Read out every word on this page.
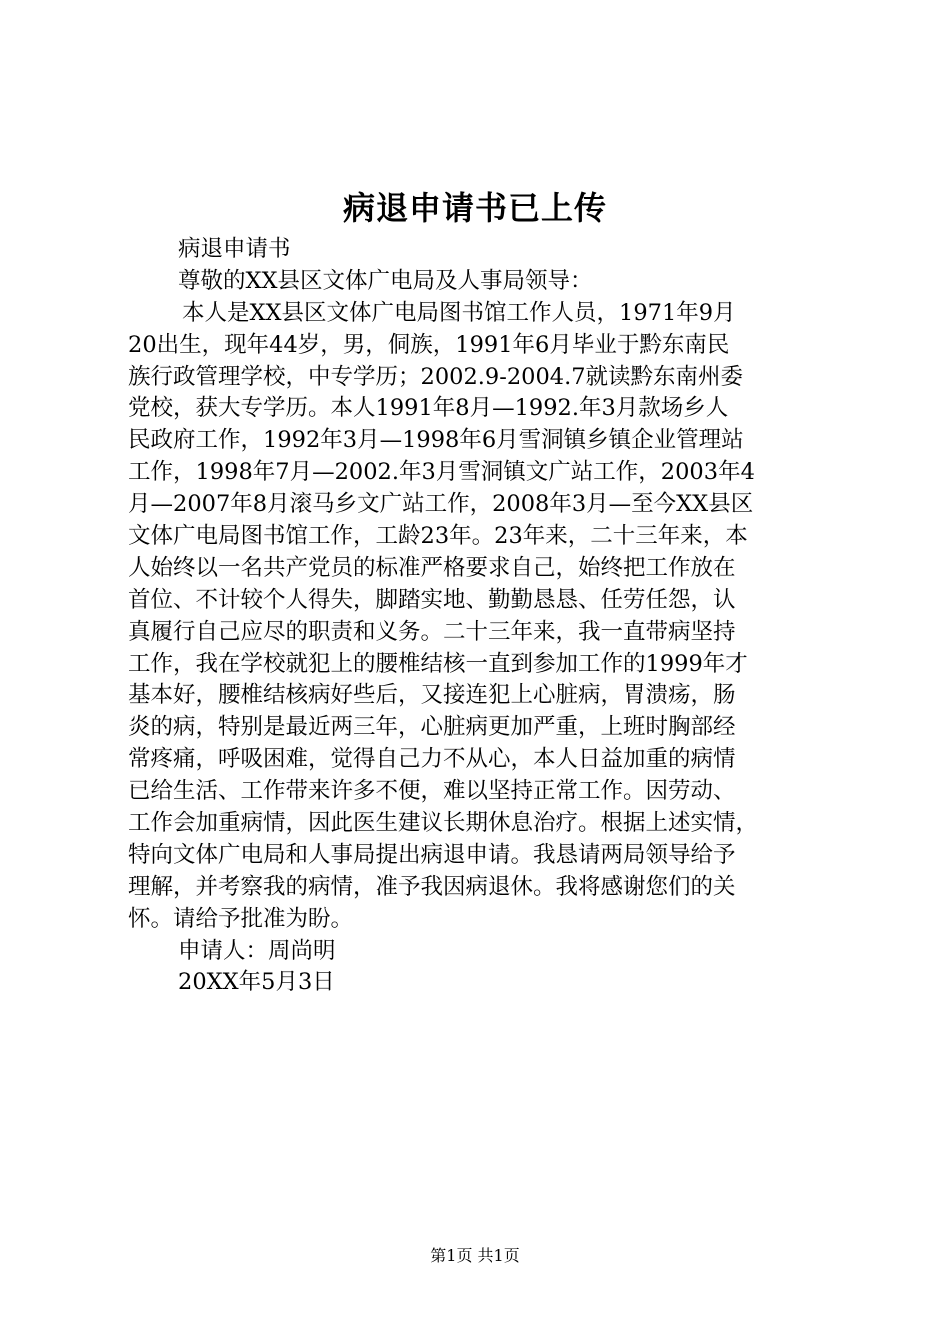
病退申请书已上传
病退申请书
尊敬的XX县区文体广电局及人事局领导：
本人是XX县区文体广电局图书馆工作人员，1971年9月
20出生，现年44岁，男，侗族，1991年6月毕业于黔东南民
族行政管理学校，中专学历；2002.9-2004.7就读黔东南州委
党校，获大专学历。本人1991年8月—1992.年3月款场乡人
民政府工作，1992年3月—1998年6月雪洞镇乡镇企业管理站
工作，1998年7月—2002.年3月雪洞镇文广站工作，2003年4
月—2007年8月滚马乡文广站工作，2008年3月—至今XX县区
文体广电局图书馆工作，工龄23年。23年来，二十三年来，本
人始终以一名共产党员的标准严格要求自己，始终把工作放在
首位、不计较个人得失，脚踏实地、勤勤恳恳、任劳任怨，认
真履行自己应尽的职责和义务。二十三年来，我一直带病坚持
工作，我在学校就犯上的腰椎结核一直到参加工作的1999年才
基本好，腰椎结核病好些后，又接连犯上心脏病，胃溃疡，肠
炎的病，特别是最近两三年，心脏病更加严重，上班时胸部经
常疼痛，呼吸困难，觉得自己力不从心，本人日益加重的病情
已给生活、工作带来许多不便，难以坚持正常工作。因劳动、
工作会加重病情，因此医生建议长期休息治疗。根据上述实情，
特向文体广电局和人事局提出病退申请。我恳请两局领导给予
理解，并考察我的病情，准予我因病退休。我将感谢您们的关
怀。请给予批准为盼。
申请人：周尚明
20XX年5月3日
第1页 共1页
